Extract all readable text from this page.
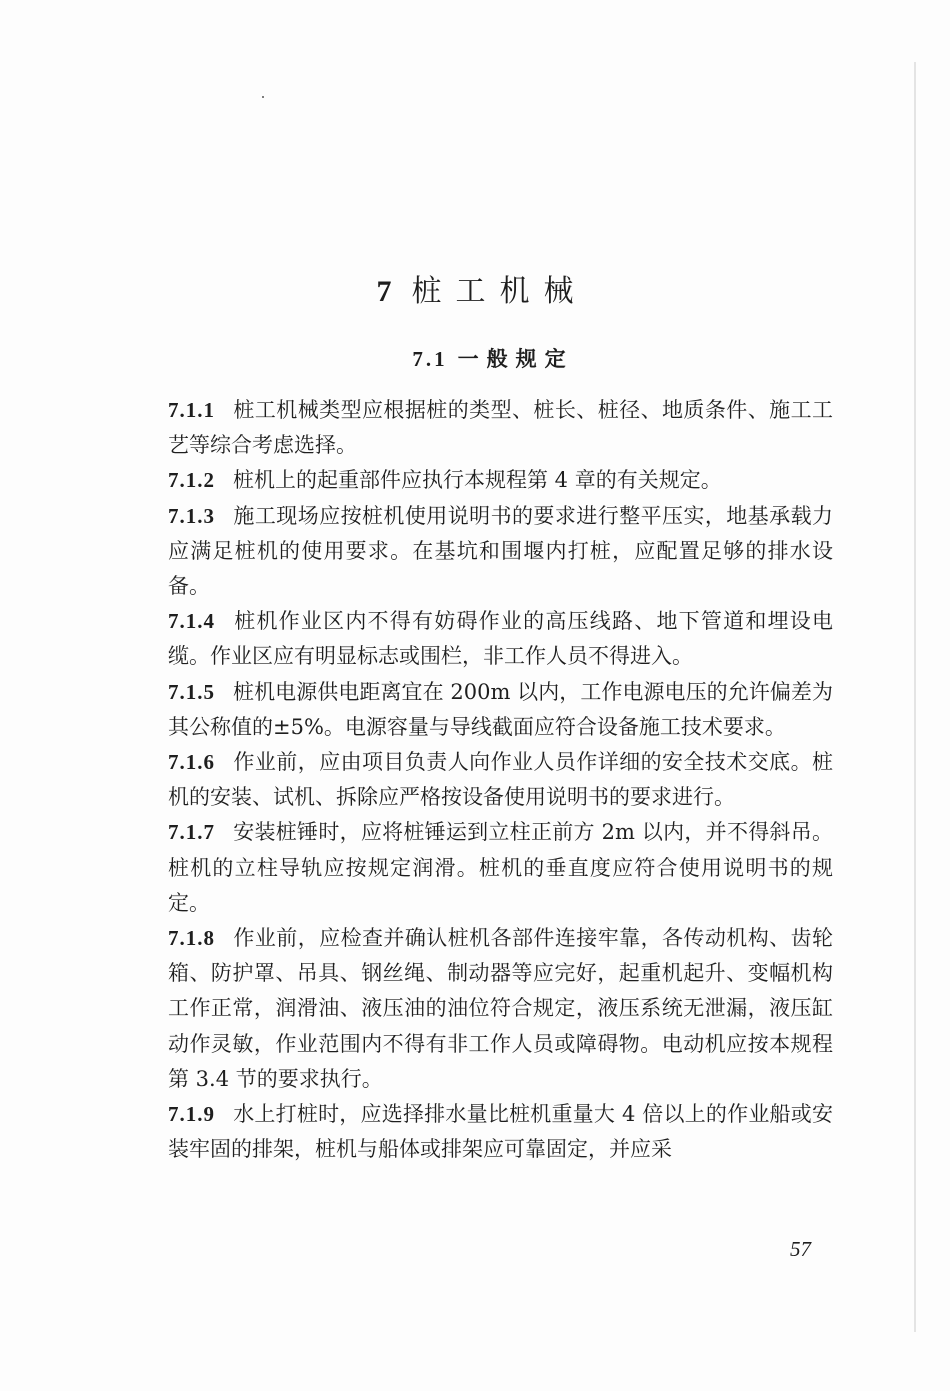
7 桩工机械
7.1 一般规定

7.1.1 桩工机械类型应根据桩的类型、桩长、桩径、地质条件、施工工艺等综合考虑选择。

7.1.2 桩机上的起重部件应执行本规程第 4 章的有关规定。

7.1.3 施工现场应按桩机使用说明书的要求进行整平压实，地基承载力应满足桩机的使用要求。在基坑和围堰内打桩，应配置足够的排水设备。

7.1.4 桩机作业区内不得有妨碍作业的高压线路、地下管道和埋设电缆。作业区应有明显标志或围栏，非工作人员不得进入。

7.1.5 桩机电源供电距离宜在 200m 以内，工作电源电压的允许偏差为其公称值的±5%。电源容量与导线截面应符合设备施工技术要求。

7.1.6 作业前，应由项目负责人向作业人员作详细的安全技术交底。桩机的安装、试机、拆除应严格按设备使用说明书的要求进行。

7.1.7 安装桩锤时，应将桩锤运到立柱正前方 2m 以内，并不得斜吊。桩机的立柱导轨应按规定润滑。桩机的垂直度应符合使用说明书的规定。

7.1.8 作业前，应检查并确认桩机各部件连接牢靠，各传动机构、齿轮箱、防护罩、吊具、钢丝绳、制动器等应完好，起重机起升、变幅机构工作正常，润滑油、液压油的油位符合规定，液压系统无泄漏，液压缸动作灵敏，作业范围内不得有非工作人员或障碍物。电动机应按本规程第 3.4 节的要求执行。

7.1.9 水上打桩时，应选择排水量比桩机重量大 4 倍以上的作业船或安装牢固的排架，桩机与船体或排架应可靠固定，并应采

57
